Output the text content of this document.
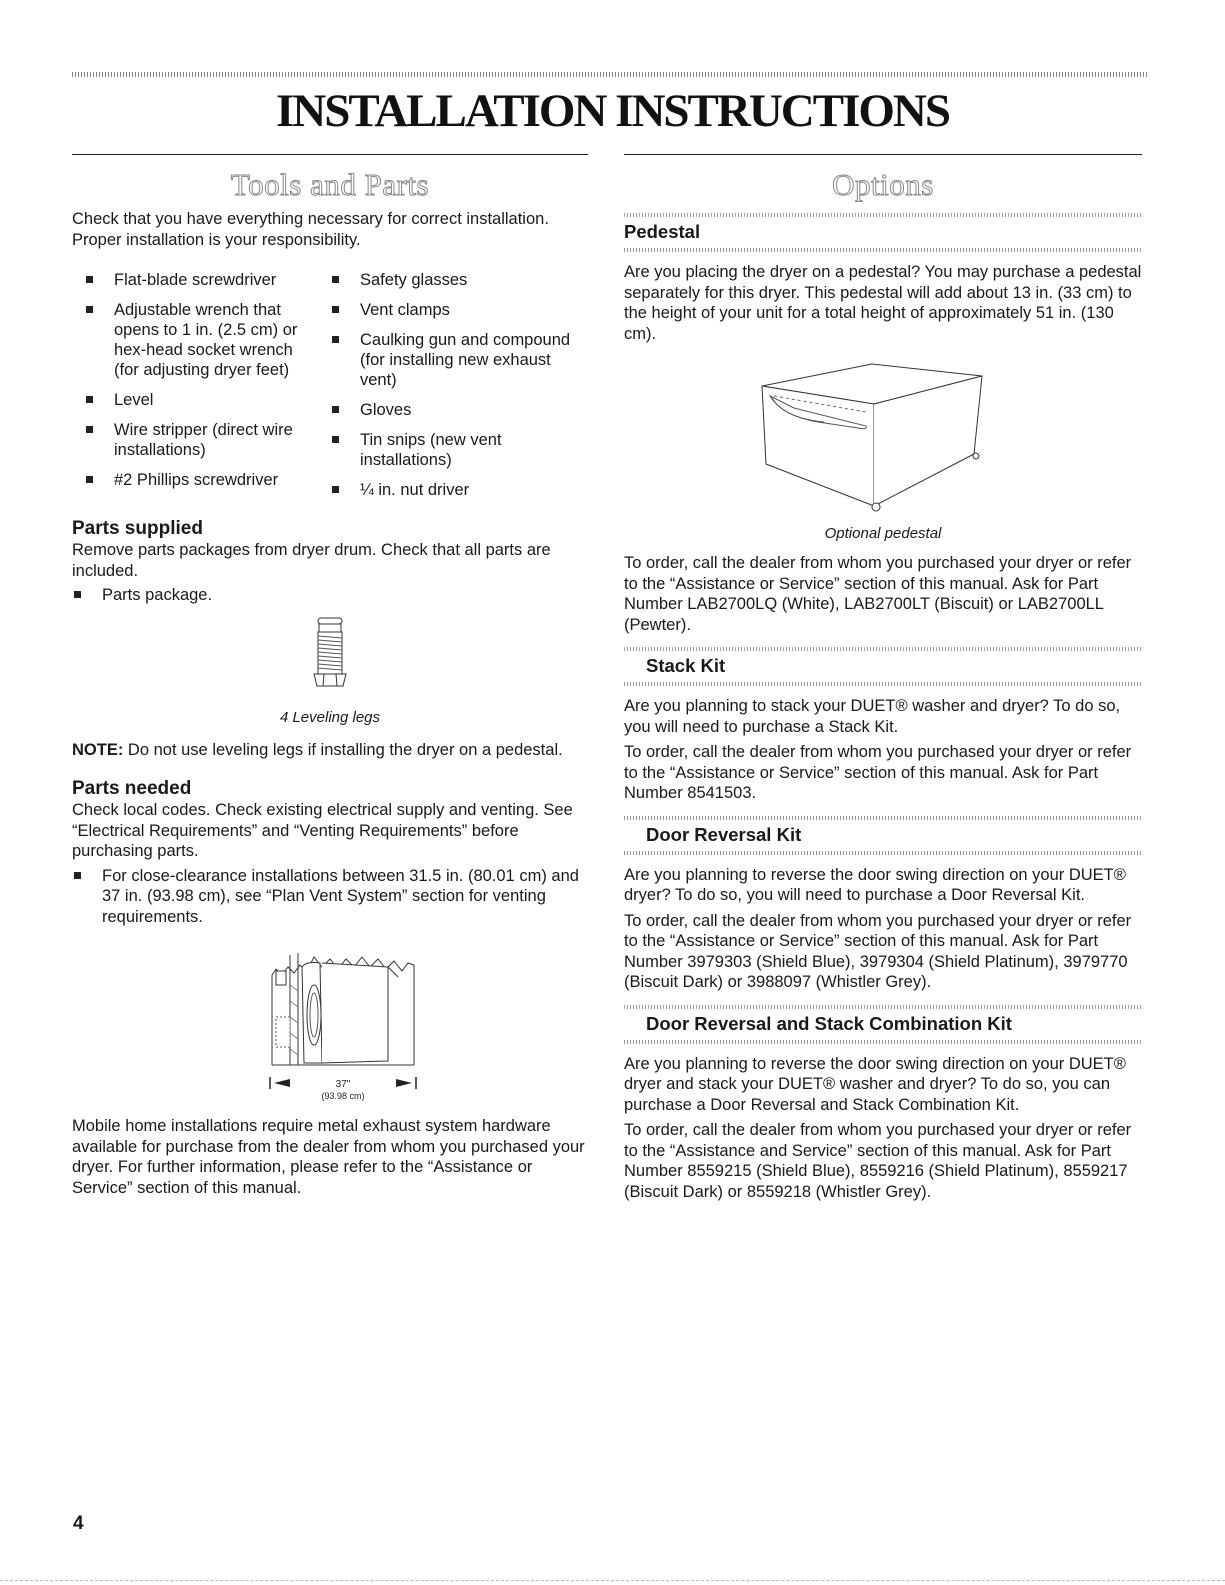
INSTALLATION INSTRUCTIONS
Tools and Parts

Check that you have everything necessary for correct installation. Proper installation is your responsibility.

Flat-blade screwdriver
Adjustable wrench that opens to 1 in. (2.5 cm) or hex-head socket wrench (for adjusting dryer feet)
Level
Wire stripper (direct wire installations)
#2 Phillips screwdriver
Safety glasses
Vent clamps
Caulking gun and compound (for installing new exhaust vent)
Gloves
Tin snips (new vent installations)
¼ in. nut driver
Parts supplied

Remove parts packages from dryer drum. Check that all parts are included.

Parts package.
4 Leveling legs

NOTE: Do not use leveling legs if installing the dryer on a pedestal.

Parts needed

Check local codes. Check existing electrical supply and venting. See “Electrical Requirements” and “Venting Requirements” before purchasing parts.

For close-clearance installations between 31.5 in. (80.01 cm) and 37 in. (93.98 cm), see “Plan Vent System” section for venting requirements.
37"
(93.98 cm)

Mobile home installations require metal exhaust system hardware available for purchase from the dealer from whom you purchased your dryer. For further information, please refer to the “Assistance or Service” section of this manual.

Options
Pedestal

Are you placing the dryer on a pedestal? You may purchase a pedestal separately for this dryer. This pedestal will add about 13 in. (33 cm) to the height of your unit for a total height of approximately 51 in. (130 cm).

Optional pedestal

To order, call the dealer from whom you purchased your dryer or refer to the “Assistance or Service” section of this manual. Ask for Part Number LAB2700LQ (White), LAB2700LT (Biscuit) or LAB2700LL (Pewter).

Stack Kit

Are you planning to stack your DUET® washer and dryer? To do so, you will need to purchase a Stack Kit.

To order, call the dealer from whom you purchased your dryer or refer to the “Assistance or Service” section of this manual. Ask for Part Number 8541503.

Door Reversal Kit

Are you planning to reverse the door swing direction on your DUET® dryer? To do so, you will need to purchase a Door Reversal Kit.

To order, call the dealer from whom you purchased your dryer or refer to the “Assistance or Service” section of this manual. Ask for Part Number 3979303 (Shield Blue), 3979304 (Shield Platinum), 3979770 (Biscuit Dark) or 3988097 (Whistler Grey).

Door Reversal and Stack Combination Kit

Are you planning to reverse the door swing direction on your DUET® dryer and stack your DUET® washer and dryer? To do so, you can purchase a Door Reversal and Stack Combination Kit.

To order, call the dealer from whom you purchased your dryer or refer to the “Assistance and Service” section of this manual. Ask for Part Number 8559215 (Shield Blue), 8559216 (Shield Platinum), 8559217 (Biscuit Dark) or 8559218 (Whistler Grey).

4
